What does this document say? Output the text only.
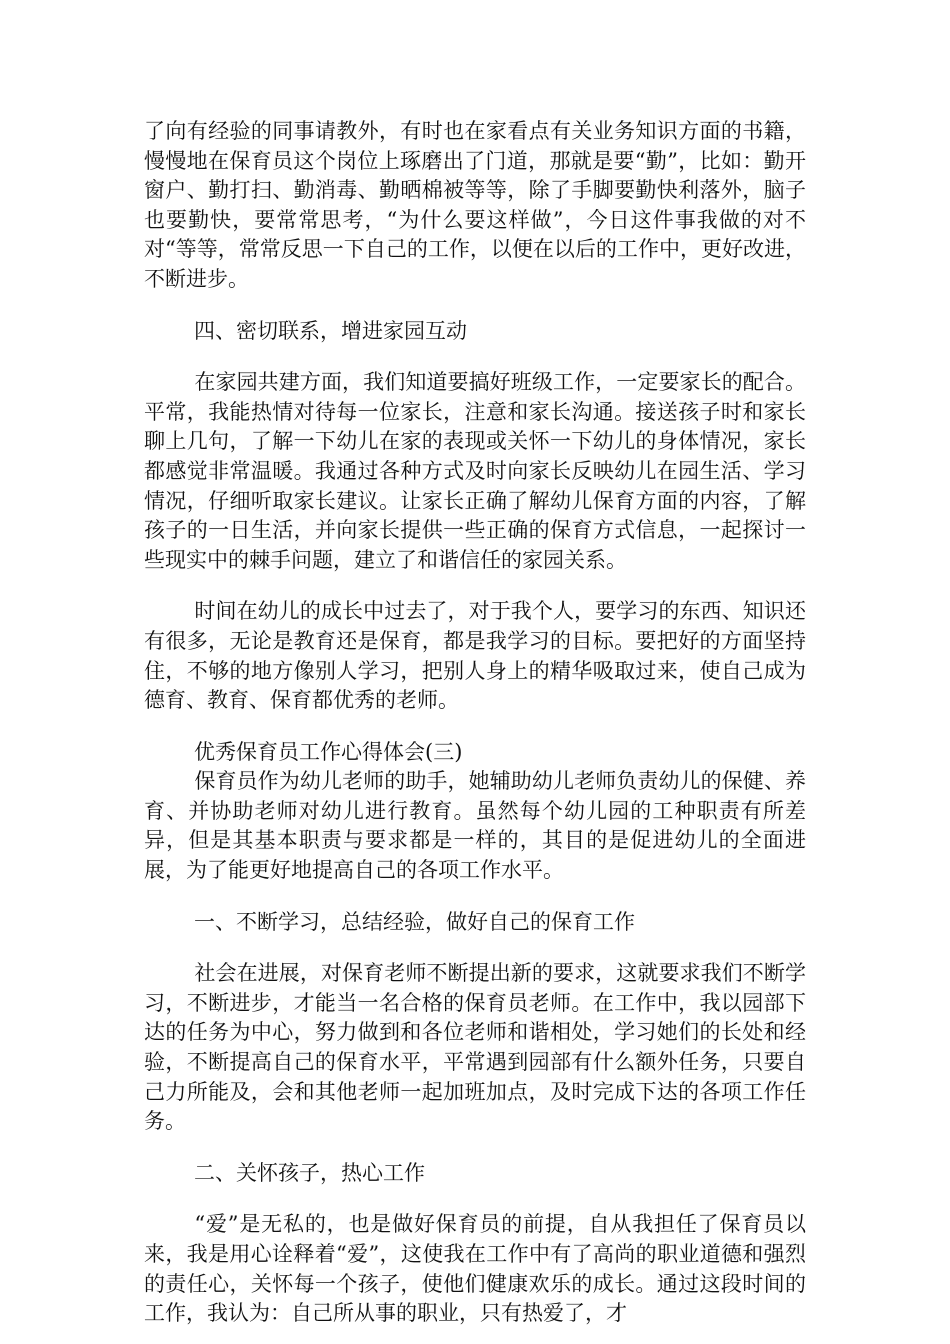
了向有经验的同事请教外，有时也在家看点有关业务知识方面的书籍，慢慢地在保育员这个岗位上琢磨出了门道，那就是要“勤”，比如：勤开窗户、勤打扫、勤消毒、勤晒棉被等等，除了手脚要勤快利落外，脑子也要勤快，要常常思考，“为什么要这样做”，今日这件事我做的对不对“等等，常常反思一下自己的工作，以便在以后的工作中，更好改进，不断进步。

四、密切联系，增进家园互动

在家园共建方面，我们知道要搞好班级工作，一定要家长的配合。平常，我能热情对待每一位家长，注意和家长沟通。接送孩子时和家长聊上几句，了解一下幼儿在家的表现或关怀一下幼儿的身体情况，家长都感觉非常温暖。我通过各种方式及时向家长反映幼儿在园生活、学习情况，仔细听取家长建议。让家长正确了解幼儿保育方面的内容，了解孩子的一日生活，并向家长提供一些正确的保育方式信息，一起探讨一些现实中的棘手问题，建立了和谐信任的家园关系。

时间在幼儿的成长中过去了，对于我个人，要学习的东西、知识还有很多，无论是教育还是保育，都是我学习的目标。要把好的方面坚持住，不够的地方像别人学习，把别人身上的精华吸取过来，使自己成为德育、教育、保育都优秀的老师。

优秀保育员工作心得体会(三)

保育员作为幼儿老师的助手，她辅助幼儿老师负责幼儿的保健、养育、并协助老师对幼儿进行教育。虽然每个幼儿园的工种职责有所差异，但是其基本职责与要求都是一样的，其目的是促进幼儿的全面进展，为了能更好地提高自己的各项工作水平。

一、不断学习，总结经验，做好自己的保育工作

社会在进展，对保育老师不断提出新的要求，这就要求我们不断学习，不断进步，才能当一名合格的保育员老师。在工作中，我以园部下达的任务为中心，努力做到和各位老师和谐相处，学习她们的长处和经验，不断提高自己的保育水平，平常遇到园部有什么额外任务，只要自己力所能及，会和其他老师一起加班加点，及时完成下达的各项工作任务。

二、关怀孩子，热心工作

“爱”是无私的，也是做好保育员的前提，自从我担任了保育员以来，我是用心诠释着“爱”，这使我在工作中有了高尚的职业道德和强烈的责任心，关怀每一个孩子，使他们健康欢乐的成长。通过这段时间的工作，我认为：自己所从事的职业，只有热爱了，才
